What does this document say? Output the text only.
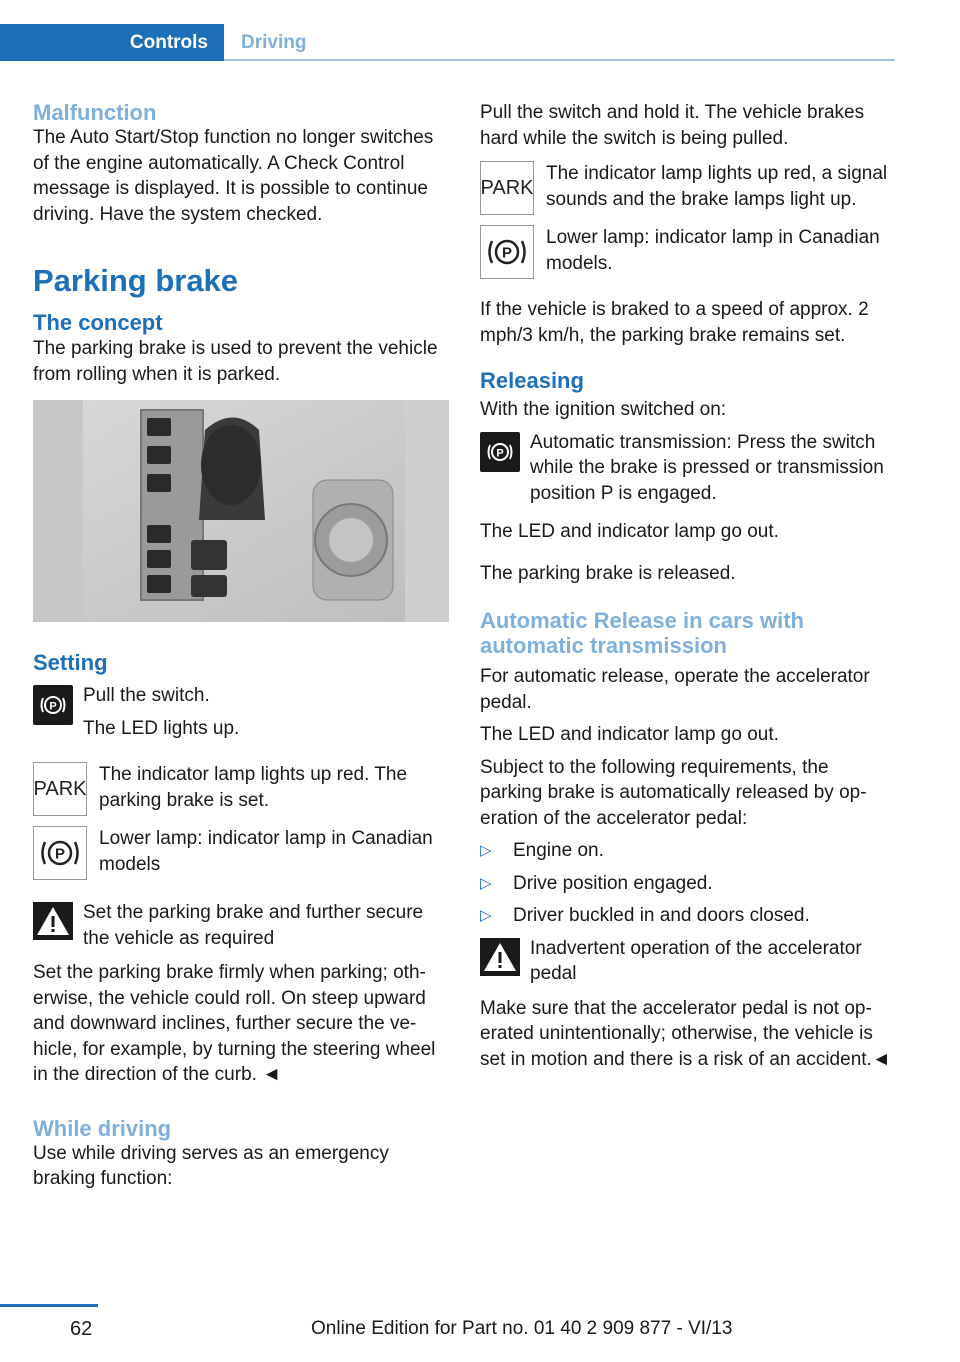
Controls	Driving
Malfunction

The Auto Start/Stop function no longer switches of the engine automatically. A Check Control message is displayed. It is possible to continue driving. Have the system checked.

Parking brake
The concept

The parking brake is used to prevent the vehicle from rolling when it is parked.

Setting
P

Pull the switch.

The LED lights up.

PARK

The indicator lamp lights up red. The parking brake is set.

P

Lower lamp: indicator lamp in Canadian models

Set the parking brake and further secure the vehicle as required

Set the parking brake firmly when parking; otherwise, the vehicle could roll. On steep upward and downward inclines, further secure the vehicle, for example, by turning the steering wheel in the direction of the curb. ◄

While driving

Use while driving serves as an emergency braking function:

Pull the switch and hold it. The vehicle brakes hard while the switch is being pulled.

PARK

The indicator lamp lights up red, a signal sounds and the brake lamps light up.

P

Lower lamp: indicator lamp in Canadian models.

If the vehicle is braked to a speed of approx. 2 mph/3 km/h, the parking brake remains set.

Releasing

With the ignition switched on:

P

Automatic transmission: Press the switch while the brake is pressed or transmission position P is engaged.

The LED and indicator lamp go out.

The parking brake is released.

Automatic Release in cars with automatic transmission

For automatic release, operate the accelerator pedal.

The LED and indicator lamp go out.

Subject to the following requirements, the parking brake is automatically released by operation of the accelerator pedal:

▷	Engine on.
▷	Drive position engaged.
▷	Driver buckled in and doors closed.

Inadvertent operation of the accelerator pedal

Make sure that the accelerator pedal is not operated unintentionally; otherwise, the vehicle is set in motion and there is a risk of an accident.◄

62	Online Edition for Part no. 01 40 2 909 877 - VI/13
